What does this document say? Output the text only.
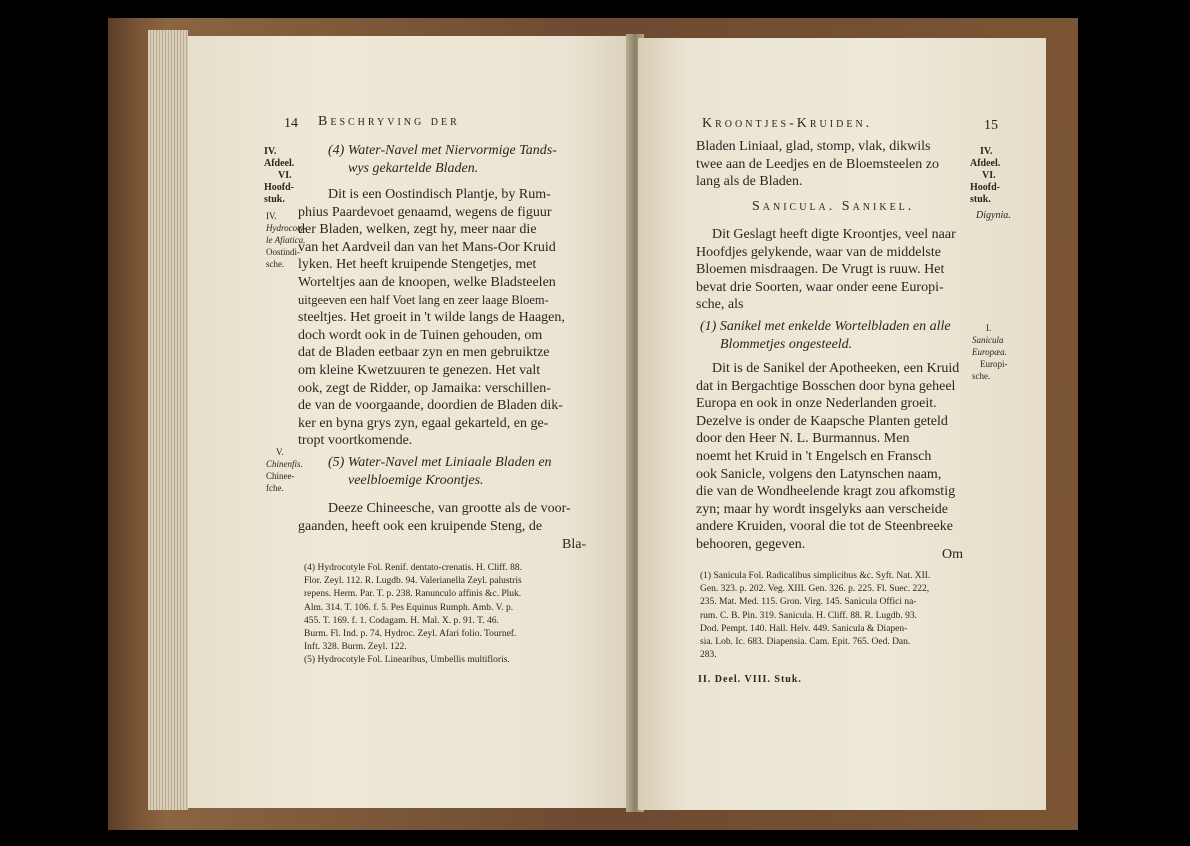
14 Beschryving der
IV.
Afdeel.
VI.
Hoofd-
stuk.
IV.
Hydrocoty-
le Afiatica.
Oostindi-
sche.
V.
Chinenfis.
Chinee-
fche.
(4) Water-Navel met Niervormige Tands-
wys gekartelde Bladen.
Dit is een Oostindisch Plantje, by Rum-
phius Paardevoet genaamd, wegens de figuur
der Bladen, welken, zegt hy, meer naar die
van het Aardveil dan van het Mans-Oor Kruid
lyken. Het heeft kruipende Stengetjes, met
Worteltjes aan de knoopen, welke Bladsteelen
uitgeeven een half Voet lang en zeer laage Bloem-
steeltjes. Het groeit in 't wilde langs de Haagen,
doch wordt ook in de Tuinen gehouden, om
dat de Bladen eetbaar zyn en men gebruiktze
om kleine Kwetzuuren te genezen. Het valt
ook, zegt de Ridder, op Jamaika: verschillen-
de van de voorgaande, doordien de Bladen dik-
ker en byna grys zyn, egaal gekarteld, en ge-
tropt voortkomende.
(5) Water-Navel met Liniaale Bladen en
veelbloemige Kroontjes.
Deeze Chineesche, van grootte als de voor-
gaanden, heeft ook een kruipende Steng, de
Bla-
(4) Hydrocotyle Fol. Renif. dentato-crenatis. H. Cliff. 88.
Flor. Zeyl. 112. R. Lugdb. 94. Valerianella Zeyl. palustris
repens. Herm. Par. T. p. 238. Ranunculo affinis &c. Pluk.
Alm. 314. T. 106. f. 5. Pes Equinus Rumph. Amb. V. p.
455. T. 169. f. 1. Codagam. H. Mal. X. p. 91. T. 46.
Burm. Fl. Ind. p. 74. Hydroc. Zeyl. Afari folio. Tournef.
Inft. 328. Burm. Zeyl. 122.
(5) Hydrocotyle Fol. Linearibus, Umbellis multifloris.
Kroontjes-Kruiden.	15
IV.
Afdeel.
VI.
Hoofd-
stuk.
Digynia.
I.
Sanicula
Europæa.
Europi-
sche.
Bladen Liniaal, glad, stomp, vlak, dikwils
twee aan de Leedjes en de Bloemsteelen zo
lang als de Bladen.
Sanicula. Sanikel.
Dit Geslagt heeft digte Kroontjes, veel naar
Hoofdjes gelykende, waar van de middelste
Bloemen misdraagen. De Vrugt is ruuw. Het
bevat drie Soorten, waar onder eene Europi-
sche, als
(1) Sanikel met enkelde Wortelbladen en alle
Blommetjes ongesteeld.
Dit is de Sanikel der Apotheeken, een Kruid
dat in Bergachtige Bosschen door byna geheel
Europa en ook in onze Nederlanden groeit.
Dezelve is onder de Kaapsche Planten geteld
door den Heer N. L. Burmannus. Men
noemt het Kruid in 't Engelsch en Fransch
ook Sanicle, volgens den Latynschen naam,
die van de Wondheelende kragt zou afkomstig
zyn; maar hy wordt insgelyks aan verscheide
andere Kruiden, vooral die tot de Steenbreeke
behooren, gegeven.
Om
(1) Sanicula Fol. Radicalibus simplicibus &c. Syft. Nat. XII.
Gen. 323. p. 202. Veg. XIII. Gen. 326. p. 225. Fl. Suec. 222,
235. Mat. Med. 115. Gron. Virg. 145. Sanicula Offici na-
rum. C. B. Pin. 319. Sanicula. H. Cliff. 88. R. Lugdb. 93.
Dod. Pempt. 140. Hall. Helv. 449. Sanicula & Diapen-
sia. Lob. Ic. 683. Diapensia. Cam. Epit. 765. Oed. Dan.
283.
II. Deel. VIII. Stuk.
